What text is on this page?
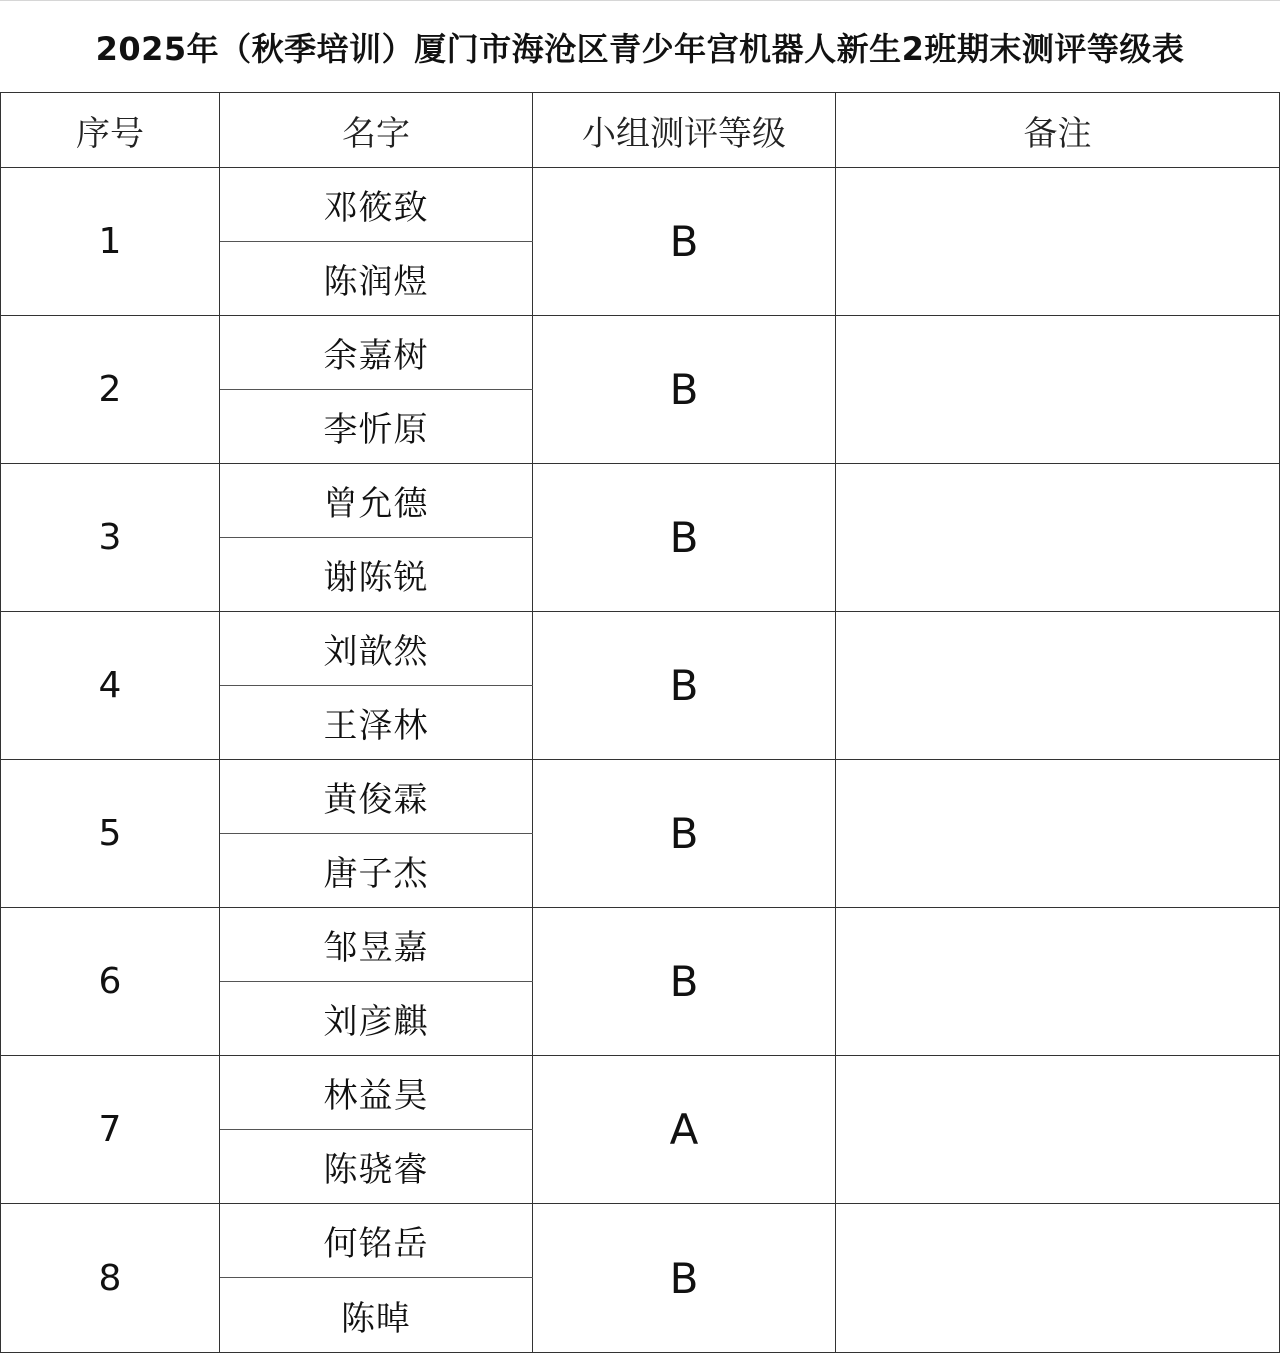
2025年（秋季培训）厦门市海沧区青少年宫机器人新生2班期末测评等级表
序号	名字	小组测评等级	备注
1	邓筱致	B	
	陈润煜		
2	余嘉树	B	
	李忻原		
3	曾允德	B	
	谢陈锐		
4	刘歆然	B	
	王泽林		
5	黄俊霖	B	
	唐子杰		
6	邹昱嘉	B	
	刘彦麒		
7	林益昊	A	
	陈骁睿		
8	何铭岳	B	
	陈晫		
